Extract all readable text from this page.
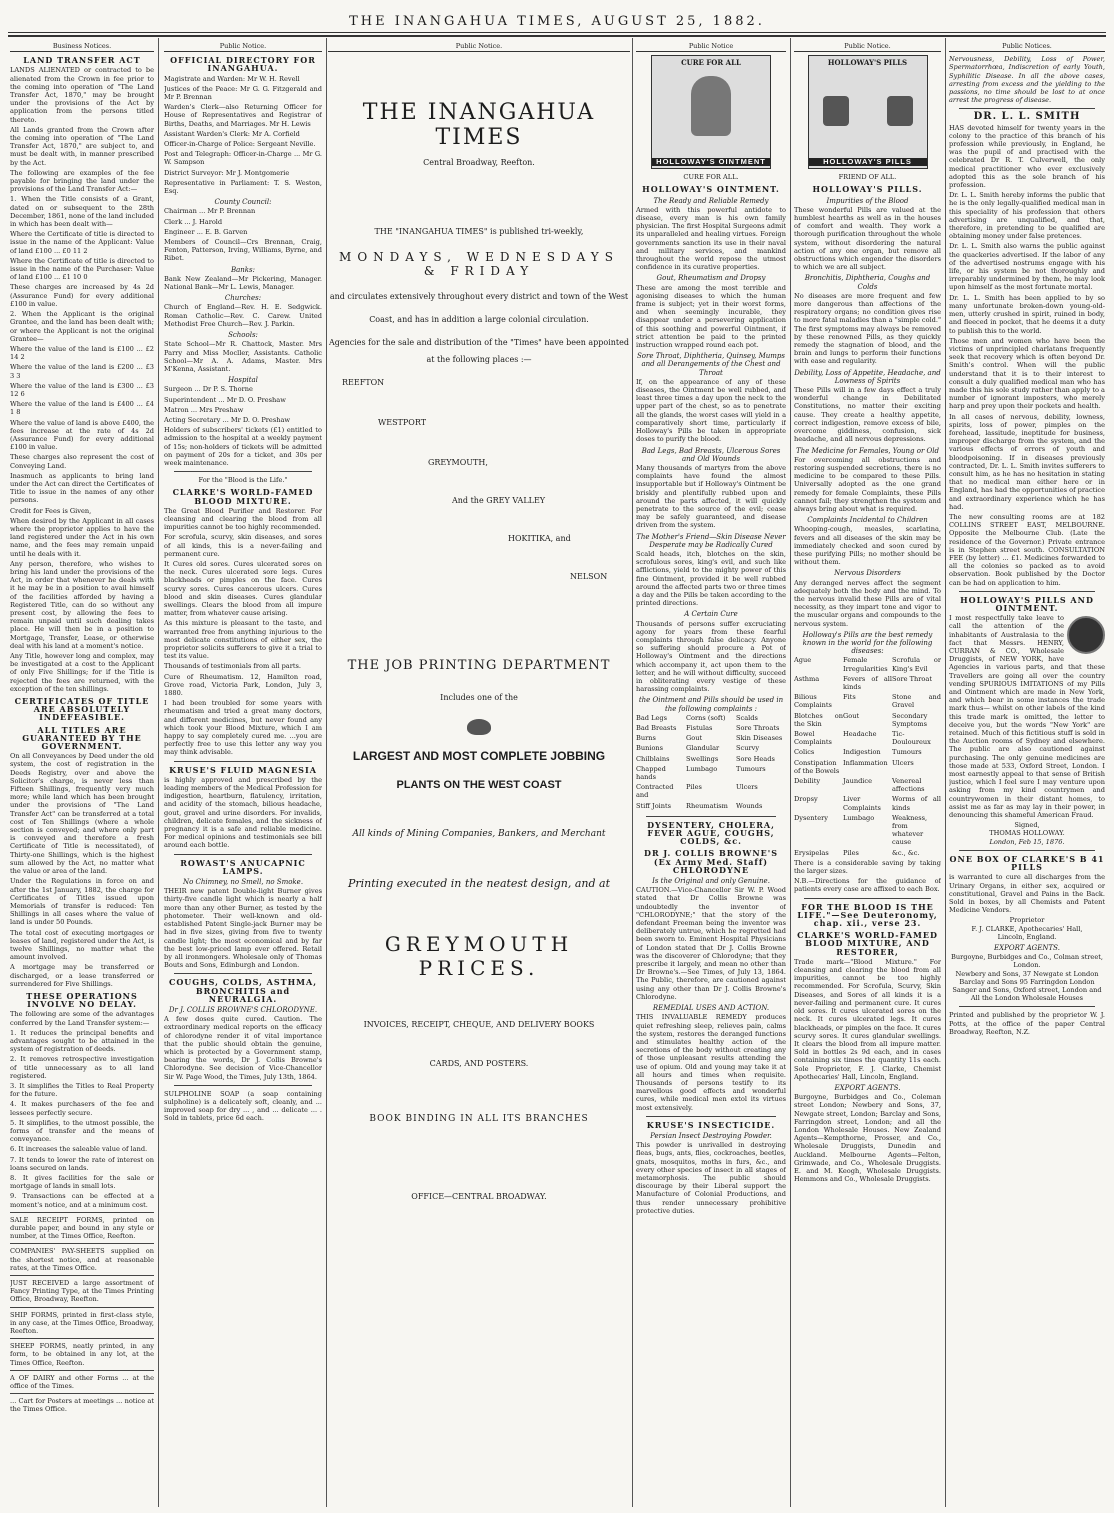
THE INANGAHUA TIMES, AUGUST 25, 1882.
Business Notices.
LAND TRANSFER ACT
LANDS ALIENATED or contracted to be alienated from the Crown in fee prior to the coming into operation of "The Land Transfer Act, 1870," may be brought under the provisions of the Act by application from the persons titled thereto.
All Lands granted from the Crown after the coming into operation of "The Land Transfer Act, 1870," are subject to, and must be dealt with, in manner prescribed by the Act.
The following are examples of the fee payable for bringing the land under the provisions of the Land Transfer Act:—
1. When the Title consists of a Grant, dated on or subsequent to the 28th December, 1861, none of the land included in which has been dealt with—
Where the Certificate of title is directed to issue in the name of the Applicant: Value of land £100 ... £0 11 2
Where the Certificate of title is directed to issue in the name of the Purchaser: Value of land £100 ... £1 10 0
These charges are increased by 4s 2d (Assurance Fund) for every additional £100 in value.
2. When the Applicant is the original Grantee, and the land has been dealt with; or where the Applicant is not the original Grantee—
Where the value of the land is £100 ... £2 14 2
Where the value of the land is £200 ... £3 3 3
Where the value of the land is £300 ... £3 12 6
Where the value of the land is £400 ... £4 1 8
Where the value of land is above £400, the fees increase at the rate of 4s 2d (Assurance Fund) for every additional £100 in value.
These charges also represent the cost of Conveying Land.
Inasmuch as applicants to bring land under the Act can direct the Certificates of Title to issue in the names of any other persons.
Credit for Fees is Given,
When desired by the Applicant in all cases where the proprietor applies to have the land registered under the Act in his own name, and the fees may remain unpaid until he deals with it.
Any person, therefore, who wishes to bring his land under the provisions of the Act, in order that whenever he deals with it he may be in a position to avail himself of the facilities afforded by having a Registered Title, can do so without any present cost, by allowing the fees to remain unpaid until such dealing takes place. He will then be in a position to Mortgage, Transfer, Lease, or otherwise deal with his land at a moment's notice.
Any Title, however long and complex, may be investigated at a cost to the Applicant of only Five Shillings; for if the Title is rejected the fees are returned, with the exception of the ten shillings.
CERTIFICATES OF TITLE ARE ABSOLUTELY INDEFEASIBLE.
ALL TITLES ARE GUARANTEED BY THE GOVERNMENT.
On all Conveyances by Deed under the old system, the cost of registration in the Deeds Registry, over and above the Solicitor's charge, is never less than Fifteen Shillings, frequently very much more; while land which has been brought under the provisions of "The Land Transfer Act" can be transferred at a total cost of Ten Shillings (where a whole section is conveyed; and where only part is conveyed and therefore a fresh Certificate of Title is necessitated), of Thirty-one Shillings, which is the highest sum allowed by the Act, no matter what the value or area of the land.
Under the Regulations in force on and after the 1st January, 1882, the charge for Certificates of Titles issued upon Memorials of transfer is reduced: Ten Shillings in all cases where the value of land is under 50 Pounds.
The total cost of executing mortgages or leases of land, registered under the Act, is twelve Shillings, no matter what the amount involved.
A mortgage may be transferred or discharged, or a lease transferred or surrendered for Five Shillings.
THESE OPERATIONS INVOLVE NO DELAY.
The following are some of the advantages conferred by the Land Transfer system:—
1. It reduces the principal benefits and advantages sought to be attained in the system of registration of deeds.
2. It removes retrospective investigation of title unnecessary as to all land registered.
3. It simplifies the Titles to Real Property for the future.
4. It makes purchasers of the fee and lessees perfectly secure.
5. It simplifies, to the utmost possible, the forms of transfer and the means of conveyance.
6. It increases the saleable value of land.
7. It tends to lower the rate of interest on loans secured on lands.
8. It gives facilities for the sale or mortgage of lands in small lots.
9. Transactions can be effected at a moment's notice, and at a minimum cost.
SALE RECEIPT FORMS, printed on durable paper, and bound in any style or number, at the Times Office, Reefton.
COMPANIES' PAY-SHEETS supplied on the shortest notice, and at reasonable rates, at the Times Office.
JUST RECEIVED a large assortment of Fancy Printing Type, at the Times Printing Office, Broadway, Reefton.
SHIP FORMS, printed in first-class style, in any case, at the Times Office, Broadway, Reefton.
SHEEP FORMS, neatly printed, in any form, to be obtained in any lot, at the Times Office, Reefton.
A OF DAIRY and other Forms ... at the office of the Times.
... Cart for Posters at meetings ... notice at the Times Office.
Public Notice.
OFFICIAL DIRECTORY FOR INANGAHUA.
Magistrate and Warden: Mr W. H. Revell
Justices of the Peace: Mr G. G. Fitzgerald and Mr P. Brennan
Warden's Clerk—also Returning Officer for House of Representatives and Registrar of Births, Deaths, and Marriages. Mr H. Lewis
Assistant Warden's Clerk: Mr A. Corfield
Officer-in-Charge of Police: Sergeant Neville.
Post and Telegraph: Officer-in-Charge ... Mr G. W. Sampson
District Surveyor: Mr J. Montgomerie
Representative in Parliament: T. S. Weston, Esq.
County Council:
Chairman ... Mr P. Brennan
Clerk ... J. Harold
Engineer ... E. B. Garven
Members of Council—Crs Brennan, Craig, Fenton, Patterson, Irving, Williams, Byrne, and Ribet.
Banks:
Bank New Zealand—Mr Pickering, Manager. National Bank—Mr L. Lewis, Manager.
Churches:
Church of England—Rev. H. E. Sedgwick. Roman Catholic—Rev. C. Carew. United Methodist Free Church—Rev. J. Parkin.
Schools:
State School—Mr R. Chattock, Master. Mrs Parry and Miss Mocller, Assistants. Catholic School—Mr A. A. Adams, Master. Mrs M'Kenna, Assistant.
Hospital
Surgeon ... Dr P. S. Thorne
Superintendent ... Mr D. O. Preshaw
Matron ... Mrs Preshaw
Acting Secretary ... Mr D. O. Preshaw
Holders of subscribers' tickets (£1) entitled to admission to the hospital at a weekly payment of 15s; non-holders of tickets will be admitted on payment of 20s for a ticket, and 30s per week maintenance.
For the "Blood is the Life."
CLARKE'S WORLD-FAMED BLOOD MIXTURE.
The Great Blood Purifier and Restorer. For cleansing and clearing the blood from all impurities cannot be too highly recommended.
For scrofula, scurvy, skin diseases, and sores of all kinds, this is a never-failing and permanent cure.
It Cures old sores. Cures ulcerated sores on the neck. Cures ulcerated sore legs. Cures blackheads or pimples on the face. Cures scurvy sores. Cures cancerous ulcers. Cures blood and skin diseases. Cures glandular swellings. Clears the blood from all impure matter, from whatever cause arising.
As this mixture is pleasant to the taste, and warranted free from anything injurious to the most delicate constitutions of either sex, the proprietor solicits sufferers to give it a trial to test its value.
Thousands of testimonials from all parts.
Cure of Rheumatism. 12, Hamilton road, Grove road, Victoria Park, London, July 3, 1880.
I had been troubled for some years with rheumatism and tried a great many doctors, and different medicines, but never found any which took your Blood Mixture, which I am happy to say completely cured me. ...you are perfectly free to use this letter any way you may think advisable.
KRUSE'S FLUID MAGNESIA
is highly approved and prescribed by the leading members of the Medical Profession for indigestion, heartburn, flatulency, irritation, and acidity of the stomach, bilious headache, gout, gravel and urine disorders. For invalids, children, delicate females, and the sickness of pregnancy it is a safe and reliable medicine. For medical opinions and testimonials see bill around each bottle.
ROWAST'S ANUCAPNIC LAMPS.
No Chimney, no Smell, no Smoke.
THEIR new patent Double-light Burner gives thirty-five candle light which is nearly a half more than any other Burner, as tested by the photometer. Their well-known and old-established Patent Single-jack Burner may be had in five sizes, giving from five to twenty candle light; the most economical and by far the best low-priced lamp ever offered. Retail by all ironmongers. Wholesale only of Thomas Bouts and Sons, Edinburgh and London.
COUGHS, COLDS, ASTHMA, BRONCHITIS and NEURALGIA.
Dr J. COLLIS BROWNE'S CHLORODYNE.
A few doses quite cured. Caution. The extraordinary medical reports on the efficacy of chlorodyne render it of vital importance that the public should obtain the genuine, which is protected by a Government stamp, bearing the words, Dr J. Collis Browne's Chlorodyne. See decision of Vice-Chancellor Sir W. Page Wood, the Times, July 13th, 1864.
SULPHOLINE SOAP (a soap containing sulpholine) is a delicately soft, cleanly, and ... improved soap for dry ... , and ... delicate ... . Sold in tablets, price 6d each.
Public Notice.
THE INANGAHUA TIMES
Central Broadway, Reefton.
THE "INANGAHUA TIMES" is published tri-weekly,
MONDAYS, WEDNESDAYS & FRIDAY
and circulates extensively throughout every district and town of the West
Coast, and has in addition a large colonial circulation.
Agencies for the sale and distribution of the "Times" have been appointed
at the following places :—
REEFTON
WESTPORT
GREYMOUTH,
And the GREY VALLEY
HOKITIKA, and
NELSON
THE JOB PRINTING DEPARTMENT
Includes one of the
LARGEST AND MOST COMPLETE JOBBING
PLANTS ON THE WEST COAST
All kinds of Mining Companies, Bankers, and Merchant
Printing executed in the neatest design, and at
GREYMOUTH PRICES.
INVOICES, RECEIPT, CHEQUE, AND DELIVERY BOOKS
CARDS, AND POSTERS.
BOOK BINDING IN ALL ITS BRANCHES
OFFICE—CENTRAL BROADWAY.
Public Notice
CURE FOR ALL
HOLLOWAY'S OINTMENT
CURE FOR ALL.
HOLLOWAY'S OINTMENT.
The Ready and Reliable Remedy
Armed with this powerful antidote to disease, every man is his own family physician. The first Hospital Surgeons admit its unparalleled and healing virtues. Foreign governments sanction its use in their naval and military services, and mankind throughout the world repose the utmost confidence in its curative properties.
Gout, Rheumatism and Dropsy
These are among the most terrible and agonising diseases to which the human frame is subject; yet in their worst forms, and when seemingly incurable, they disappear under a persevering application of this soothing and powerful Ointment, if strict attention be paid to the printed instruction wrapped round each pot.
Sore Throat, Diphtheria, Quinsey, Mumps and all Derangements of the Chest and Throat
If, on the appearance of any of these diseases, the Ointment be well rubbed, and least three times a day upon the neck to the upper part of the chest, so as to penetrate all the glands, the worst cases will yield in a comparatively short time, particularly if Holloway's Pills be taken in appropriate doses to purify the blood.
Bad Legs, Bad Breasts, Ulcerous Sores and Old Wounds
Many thousands of martyrs from the above complaints have found the almost insupportable but if Holloway's Ointment be briskly and plentifully rubbed upon and around the parts affected, it will quickly penetrate to the source of the evil; cease may be safely guaranteed, and disease driven from the system.
The Mother's Friend—Skin Disease Never Desperate may be Radically Cured
Scald heads, itch, blotches on the skin, scrofulous sores, king's evil, and such like afflictions, yield to the mighty power of this fine Ointment, provided it be well rubbed around the affected parts two or three times a day and the Pills be taken according to the printed directions.
A Certain Cure
Thousands of persons suffer excruciating agony for years from these fearful complaints through false delicacy. Anyone so suffering should procure a Pot of Holloway's Ointment and the directions which accompany it, act upon them to the letter, and he will without difficulty, succeed in obliterating every vestige of these harassing complaints.
the Ointment and Pills should be used in the following complaints :
Bad Legs	Corns (soft)	Scalds
Bad Breasts	Fistulas	Sore Throats
Burns	Gout	Skin Diseases
Bunions	Glandular	Scurvy
Chilblains	Swellings	Sore Heads
Chapped hands
Lumbago	Tumours
Contracted and
Piles	Ulcers
Stiff Joints	Rheumatism	Wounds
DYSENTERY, CHOLERA, FEVER AGUE, COUGHS, COLDS, &c.
DR J. COLLIS BROWNE'S (Ex Army Med. Staff) CHLORODYNE
Is the Original and only Genuine.
CAUTION.—Vice-Chancellor Sir W. P. Wood stated that Dr Collis Browne was undoubtedly the inventor of "CHLORODYNE;" that the story of the defendant Freeman being the inventor was deliberately untrue, which he regretted had been sworn to. Eminent Hospital Physicians of London stated that Dr J. Collis Browne was the discoverer of Chlorodyne; that they prescribe it largely, and mean no other than Dr Browne's.—See Times, of July 13, 1864. The Public, therefore, are cautioned against using any other than Dr J. Collis Browne's Chlorodyne.
REMEDIAL USES AND ACTION.
THIS INVALUABLE REMEDY produces quiet refreshing sleep, relieves pain, calms the system, restores the deranged functions and stimulates healthy action of the secretions of the body without creating any of those unpleasant results attending the use of opium. Old and young may take it at all hours and times when requisite. Thousands of persons testify to its marvellous good effects and wonderful cures, while medical men extol its virtues most extensively.
KRUSE'S INSECTICIDE.
Persian Insect Destroying Powder.
This powder is unrivalled in destroying fleas, bugs, ants, flies, cockroaches, beetles, gnats, mosquitos, moths in furs, &c., and every other species of insect in all stages of metamorphosis. The public should discourage by their Liberal support the Manufacture of Colonial Productions, and thus render unnecessary prohibitive protective duties.
Public Notice.
HOLLOWAY'S PILLS
HOLLOWAY'S PILLS
FRIEND OF ALL.
HOLLOWAY'S PILLS.
Impurities of the Blood
These wonderful Pills are valued at the humblest hearths as well as in the houses of comfort and wealth. They work a thorough purification throughout the whole system, without disordering the natural action of any one organ, but remove all obstructions which engender the disorders to which we are all subject.
Bronchitis, Diphtheria, Coughs and Colds
No diseases are more frequent and few more dangerous than affections of the respiratory organs; no condition gives rise to more fatal maladies than a "simple cold." The first symptoms may always be removed by these renowned Pills, as they quickly remedy the stagnation of blood, and the brain and lungs to perform their functions with ease and regularity.
Debility, Loss of Appetite, Headache, and Lowness of Spirits
These Pills will in a few days effect a truly wonderful change in Debilitated Constitutions, no matter their exciting cause. They create a healthy appetite, correct indigestion, remove excess of bile, overcome giddiness, confusion, sick headache, and all nervous depressions.
The Medicine for Females, Young or Old
For overcoming all obstructions and restoring suspended secretions, there is no medicine to be compared to these Pills. Universally adopted as the one grand remedy for female Complaints, these Pills cannot fail; they strengthen the system and always bring about what is required.
Complaints Incidental to Children
Whooping-cough, measles, scarlatina, fevers and all diseases of the skin may be immediately checked and soon cured by these purifying Pills; no mother should be without them.
Nervous Disorders
Any deranged nerves affect the segment adequately both the body and the mind. To the nervous invalid these Pills are of vital necessity, as they impart tone and vigor to the muscular organs and compounds to the nervous system.
Holloway's Pills are the best remedy known in the world for the following diseases:
Ague	Female Irregularities
Scrofula or King's Evil
Asthma	Fevers of all kinds
Sore Throat
Bilious Complaints
Fits	Stone and Gravel
Blotches on the Skin
Gout	Secondary Symptoms
Bowel Complaints
Headache	Tic-Douloureux
Colics	Indigestion	Tumours
Constipation of the Bowels
Inflammation Ulcers
Debility	Jaundice	Venereal affections
Dropsy	Liver Complaints
Worms of all kinds
Dysentery	Lumbago	Weakness, from whatever cause
Erysipelas	Piles	&c., &c.
There is a considerable saving by taking the larger sizes.
N.B.—Directions for the guidance of patients every case are affixed to each Box.
FOR THE BLOOD IS THE LIFE."—See Deuteronomy, chap. xii., verse 23.
CLARKE'S WORLD-FAMED BLOOD MIXTURE, AND RESTORER,
Trade mark—"Blood Mixture." For cleansing and clearing the blood from all impurities, cannot be too highly recommended. For Scrofula, Scurvy, Skin Diseases, and Sores of all kinds it is a never-failing and permanent cure. It cures old sores. It cures ulcerated sores on the neck. It cures ulcerated legs. It cures blackheads, or pimples on the face. It cures scurvy sores. It cures glandular swellings. It clears the blood from all impure matter. Sold in bottles 2s 9d each, and in cases containing six times the quantity 11s each. Sole Proprietor, F. J. Clarke, Chemist Apothecaries' Hall, Lincoln, England.
EXPORT AGENTS.
Burgoyne, Burbidges and Co., Coleman street London; Newbery and Sons, 37, Newgate street, London; Barclay and Sons, Farringdon street, London; and all the London Wholesale Houses. New Zealand Agents—Kempthorne, Prosser, and Co., Wholesale Druggists, Dunedin and Auckland. Melbourne Agents—Felton, Grimwade, and Co., Wholesale Druggists. E. and M. Keogh, Wholesale Druggists. Hemmons and Co., Wholesale Druggists.
Public Notices.
Nervousness, Debility, Loss of Power, Spermatorrhœa, Indiscretion of early Youth, Syphilitic Disease. In all the above cases, arresting from excess and the yielding to the passions, no time should be lost to at once arrest the progress of disease.
DR. L. L. SMITH
HAS devoted himself for twenty years in the colony to the practice of this branch of his profession while previously, in England, he was the pupil of and practised with the celebrated Dr R. T. Culverwell, the only medical practitioner who ever exclusively adopted this as the sole branch of his profession.
Dr. L. L. Smith hereby informs the public that he is the only legally-qualified medical man in this speciality of his profession that others advertising are unqualified, and that, therefore, in pretending to be qualified are obtaining money under false pretences.
Dr. L. L. Smith also warns the public against the quackeries advertised. If the labor of any of the advertised nostrums engage with his life, or his system be not thoroughly and irreparably undermined by them, he may look upon himself as the most fortunate mortal.
Dr. L. L. Smith has been applied to by so many unfortunate broken-down young-old-men, utterly crushed in spirit, ruined in body, and fleeced in pocket, that he deems it a duty to publish this to the world.
Those men and women who have been the victims of unprincipled charlatans frequently seek that recovery which is often beyond Dr. Smith's control. When will the public understand that it is to their interest to consult a duly qualified medical man who has made this his sole study rather than apply to a number of ignorant imposters, who merely harp and prey upon their pockets and health.
In all cases of nervous, debility, lowness, spirits, loss of power, pimples on the forehead, lassitude, ineptitude for business, improper discharge from the system, and the various effects of errors of youth and bloodpoisoning. If in diseases previously contracted, Dr. L. L. Smith invites sufferers to consult him, as he has no hesitation in stating that no medical man either here or in England, has had the opportunities of practice and extraordinary experience which he has had.
The new consulting rooms are at 182 COLLINS STREET EAST, MELBOURNE. Opposite the Melbourne Club. (Late the residence of the Governor.) Private entrance is in Stephen street south. CONSULTATION FEE (by letter) ... £1. Medicines forwarded to all the colonies so packed as to avoid observation. Book published by the Doctor can be had on application to him.
HOLLOWAY'S PILLS AND OINTMENT.
I most respectfully take leave to call the attention of the inhabitants of Australasia to the fact that Messrs. HENRY, CURRAN & CO., Wholesale Druggists, of NEW YORK, have Agencies in various parts, and that these Travellers are going all over the country vending SPURIOUS IMITATIONS of my Pills and Ointment which are made in New York, and which bear in some instances the trade mark thus— whilst on other labels of the kind this trade mark is omitted, the letter to deceive you, but the words "New York" are retained. Much of this fictitious stuff is sold in the Auction rooms of Sydney and elsewhere. The public are also cautioned against purchasing. The only genuine medicines are those made at 533, Oxford Street, London. I most earnestly appeal to that sense of British justice, which I feel sure I may venture upon asking from my kind countrymen and countrywomen in their distant homes, to assist me as far as may lay in their power, in denouncing this shameful American Fraud.
Signed,
THOMAS HOLLOWAY.
London, Feb 15, 1876.
ONE BOX OF CLARKE'S B 41 PILLS
is warranted to cure all discharges from the Urinary Organs, in either sex, acquired or constitutional, Gravel and Pains in the Back. Sold in boxes, by all Chemists and Patent Medicine Vendors.
Proprietor
F. J. CLARKE, Apothecaries' Hall,
Lincoln, England.
EXPORT AGENTS.
Burgoyne, Burbidges and Co., Colman street, London.
Newbery and Sons, 37 Newgate st London
Barclay and Sons 95 Farringdon London
Sanger and Sons, Oxford street, London and
All the London Wholesale Houses
Printed and published by the proprietor W. J. Potts, at the office of the paper Central Broadway, Reefton, N.Z.
